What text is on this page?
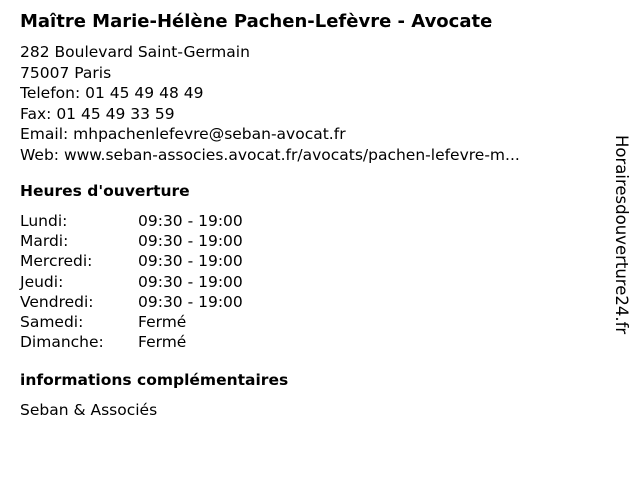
Maître Marie-Hélène Pachen-Lefèvre - Avocate
282 Boulevard Saint-Germain
75007 Paris
Telefon: 01 45 49 48 49
Fax: 01 45 49 33 59
Email: mhpachenlefevre@seban-avocat.fr
Web: www.seban-associes.avocat.fr/avocats/pachen-lefevre-m...
Heures d'ouverture
Lundi:	09:30 - 19:00
Mardi:	09:30 - 19:00
Mercredi:	09:30 - 19:00
Jeudi:	09:30 - 19:00
Vendredi:	09:30 - 19:00
Samedi:	Fermé
Dimanche:	Fermé
informations complémentaires
Seban & Associés
Horairesdouverture24.fr
